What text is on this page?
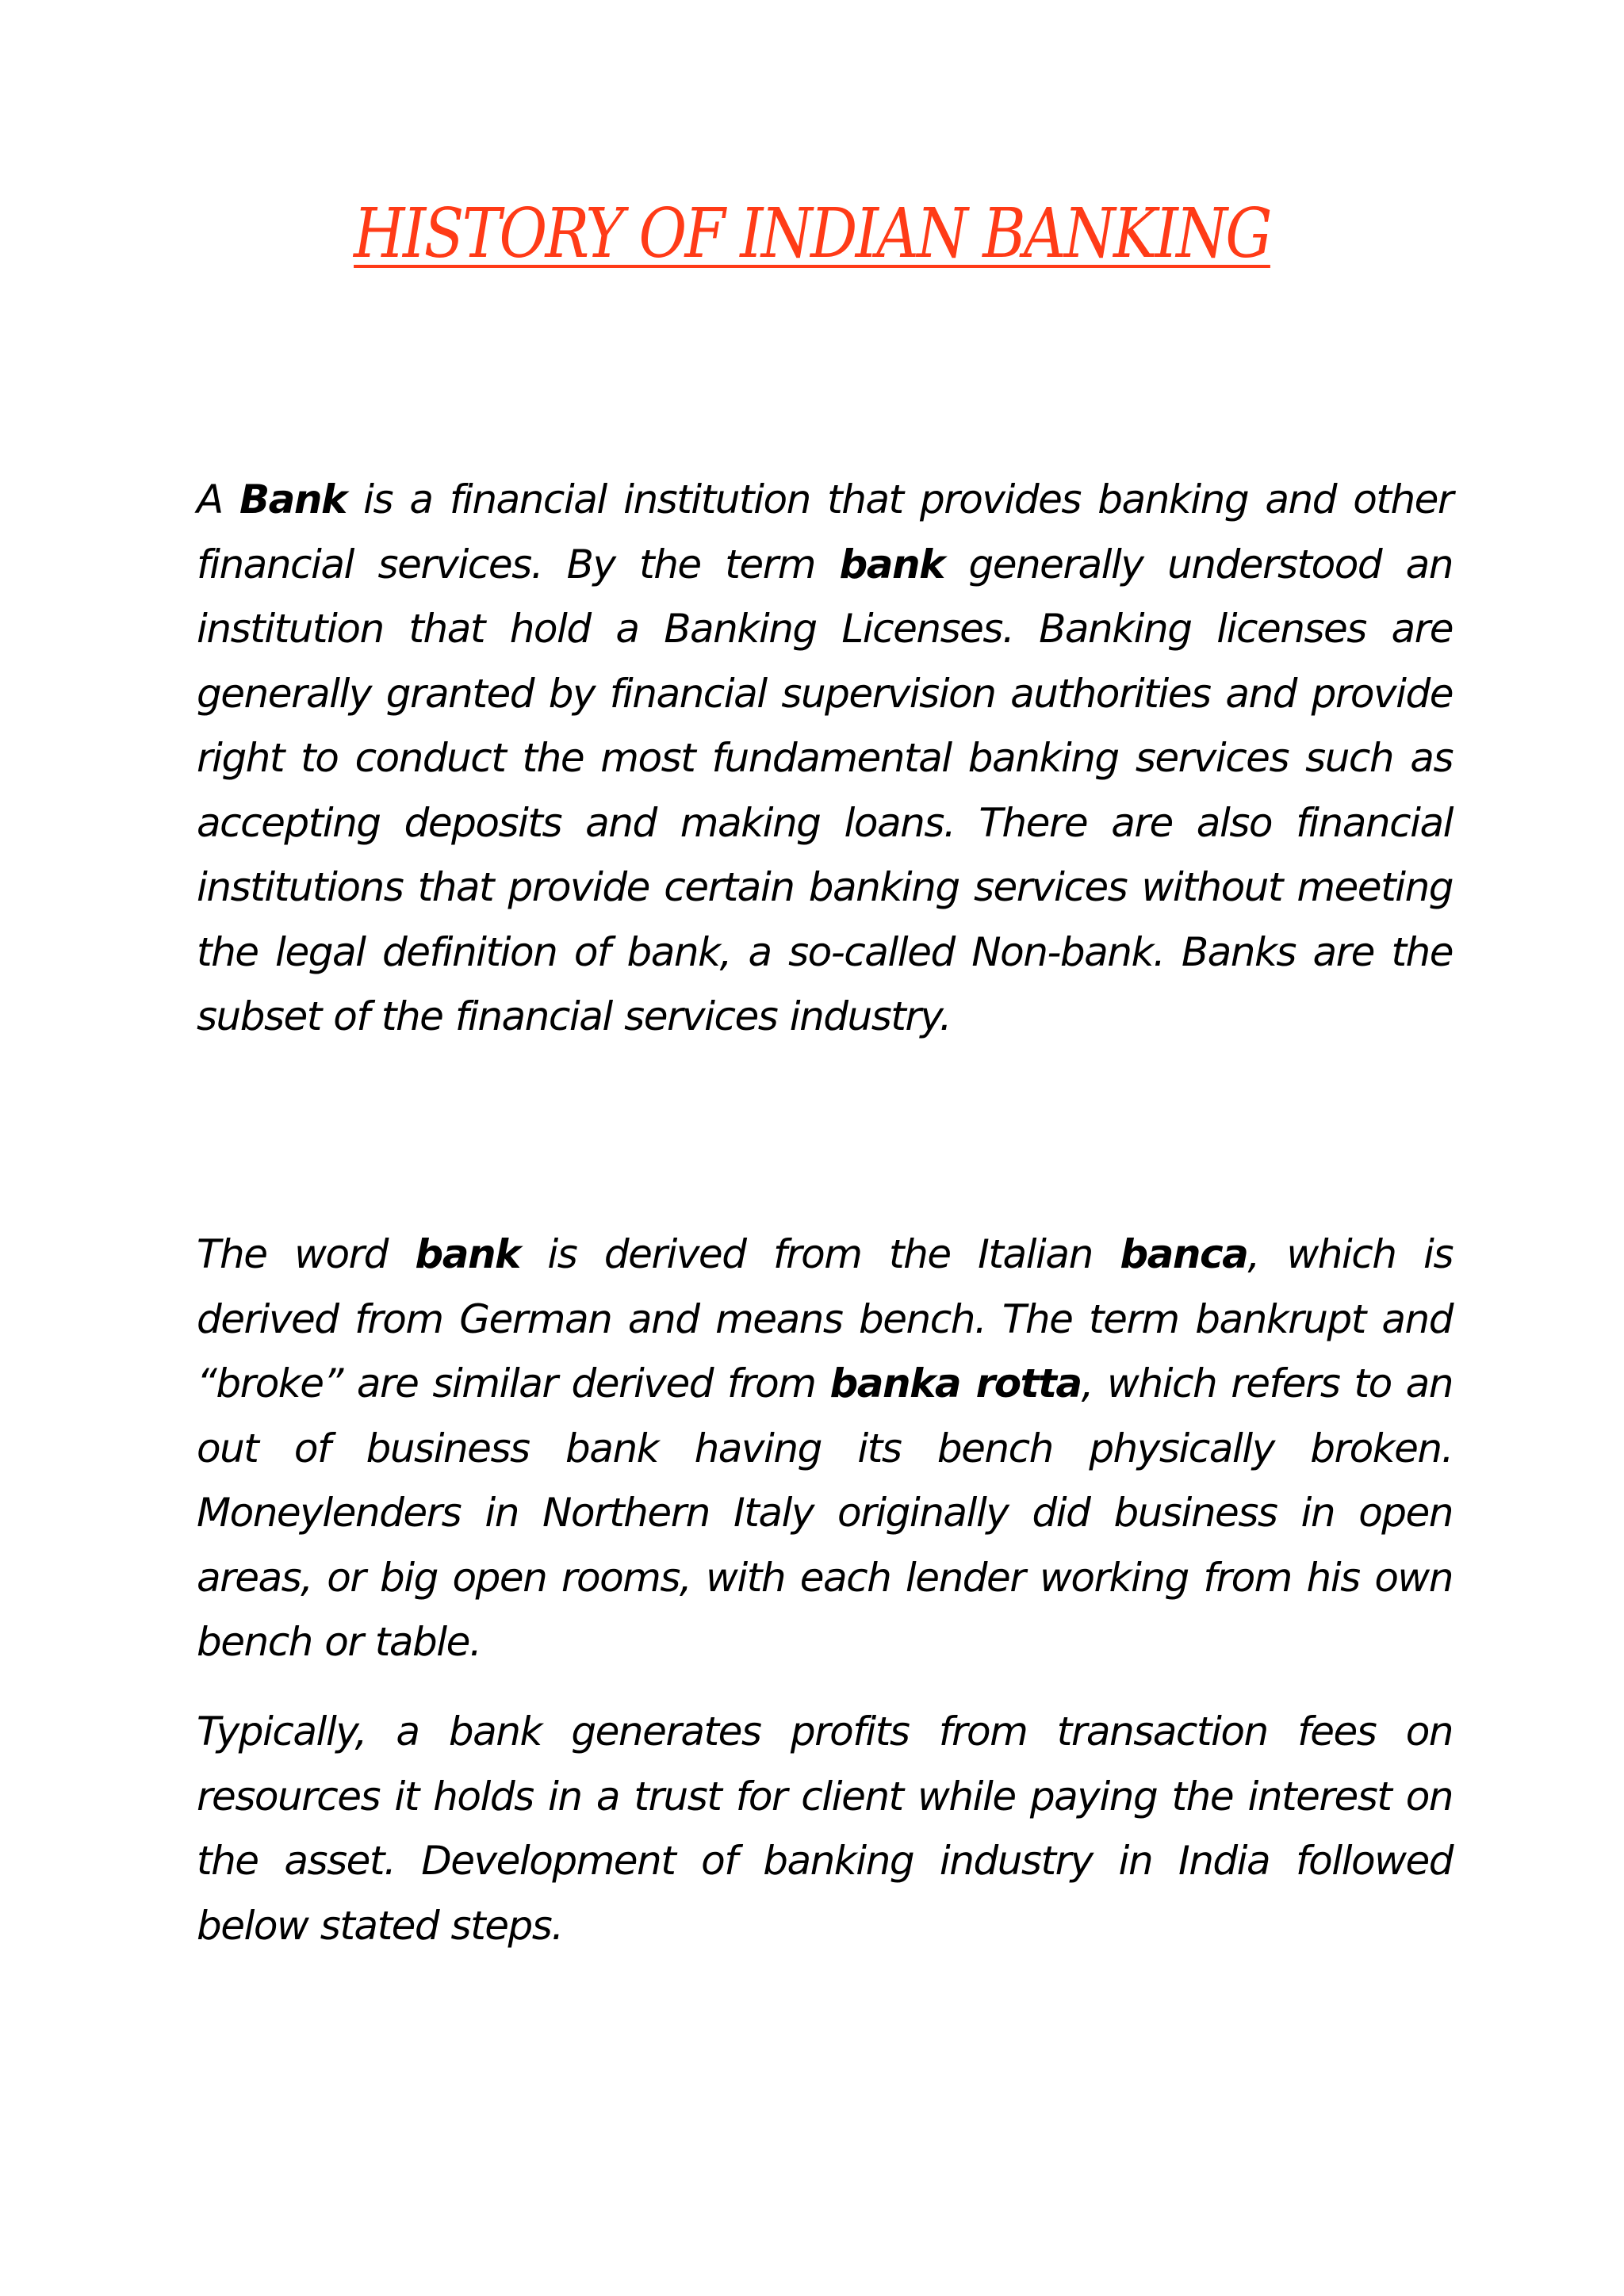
HISTORY OF INDIAN BANKING

A Bank is a financial institution that provides banking and other financial services. By the term bank generally understood an institution that hold a Banking Licenses. Banking licenses are generally granted by financial supervision authorities and provide right to conduct the most fundamental banking services such as accepting deposits and making loans. There are also financial institutions that provide certain banking services without meeting the legal definition of bank, a so-called Non-bank. Banks are the subset of the financial services industry.

The word bank is derived from the Italian banca, which is derived from German and means bench. The term bankrupt and “broke” are similar derived from banka rotta, which refers to an out of business bank having its bench physically broken. Moneylenders in Northern Italy originally did business in open areas, or big open rooms, with each lender working from his own bench or table.

Typically, a bank generates profits from transaction fees on resources it holds in a trust for client while paying the interest on the asset. Development of banking industry in India followed below stated steps.
